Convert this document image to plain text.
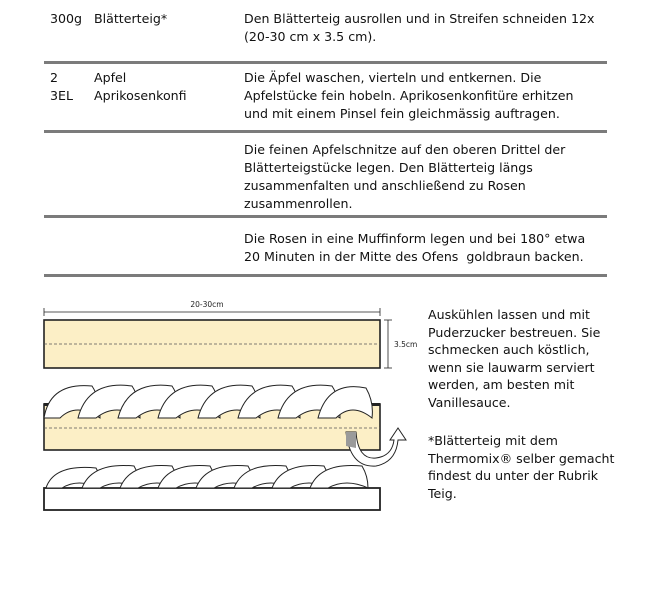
300g Blätterteig*	Den Blätterteig ausrollen und in Streifen schneiden 12x
(20-30 cm x 3.5 cm).
2
3EL
Apfel
Aprikosenkonfi
Die Äpfel waschen, vierteln und entkernen. Die
Apfelstücke fein hobeln. Aprikosenkonfitüre erhitzen
und mit einem Pinsel fein gleichmässig auftragen.
Die feinen Apfelschnitze auf den oberen Drittel der
Blätterteigstücke legen. Den Blätterteig längs
zusammenfalten und anschließend zu Rosen
zusammenrollen.
Die Rosen in eine Muffinform legen und bei 180° etwa
20 Minuten in der Mitte des Ofens  goldbraun backen.
20-30cm
3.5cm
Auskühlen lassen und mit
Puderzucker bestreuen. Sie
schmecken auch köstlich,
wenn sie lauwarm serviert
werden, am besten mit
Vanillesauce.
*Blätterteig mit dem
Thermomix® selber gemacht
findest du unter der Rubrik
Teig.
